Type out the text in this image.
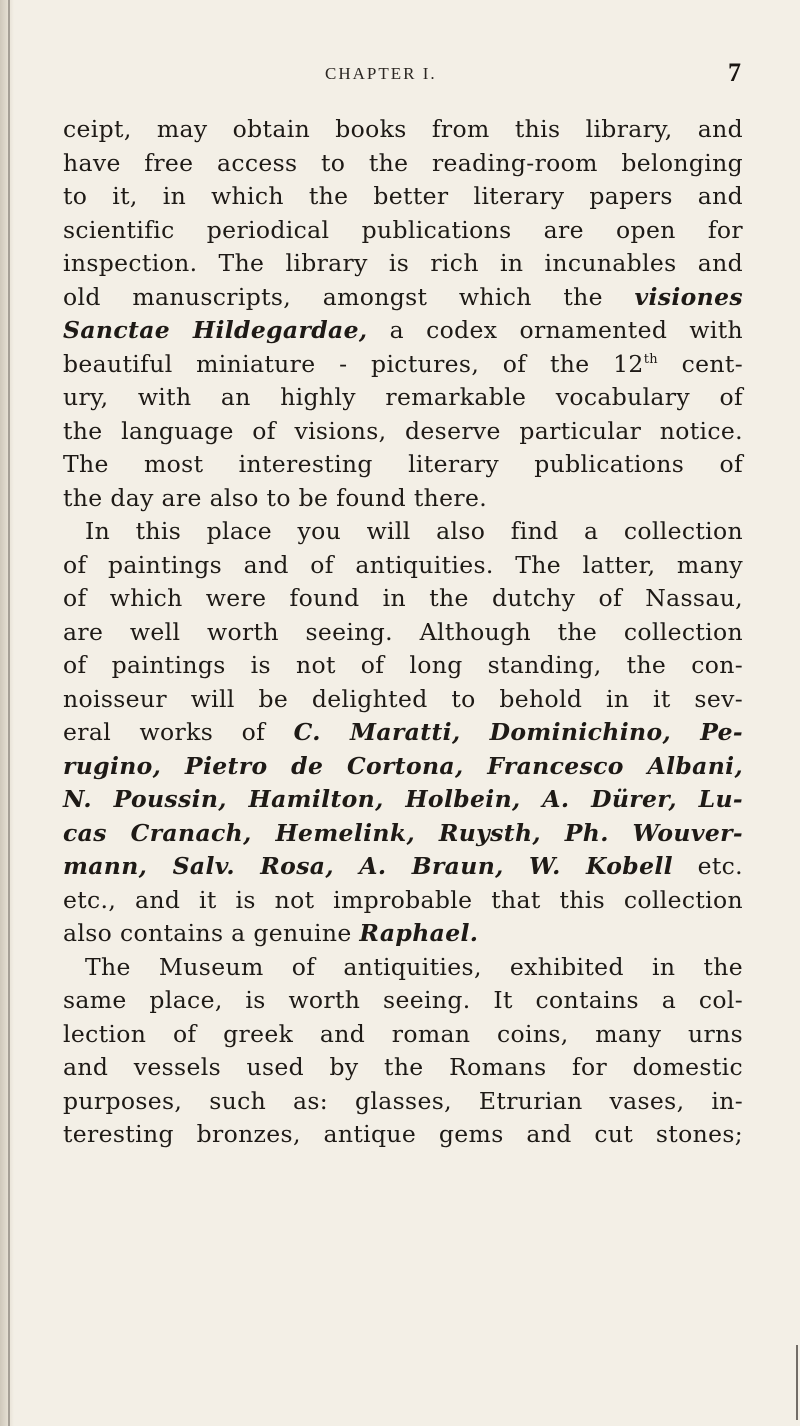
CHAPTER I.	7
ceipt, may obtain books from this library, and
have free access to the reading-room belonging
to it, in which the better literary papers and
scientific periodical publications are open for
inspection. The library is rich in incunables and
old manuscripts, amongst which the visiones
Sanctae Hildegardae, a codex ornamented with
beautiful miniature - pictures, of the 12th cent-
ury, with an highly remarkable vocabulary of
the language of visions, deserve particular notice.
The most interesting literary publications of
the day are also to be found there.
In this place you will also find a collection
of paintings and of antiquities. The latter, many
of which were found in the dutchy of Nassau,
are well worth seeing. Although the collection
of paintings is not of long standing, the con-
noisseur will be delighted to behold in it sev-
eral works of C. Maratti, Dominichino, Pe-
rugino, Pietro de Cortona, Francesco Albani,
N. Poussin, Hamilton, Holbein, A. Dürer, Lu-
cas Cranach, Hemelink, Ruysth, Ph. Wouver-
mann, Salv. Rosa, A. Braun, W. Kobell etc.
etc., and it is not improbable that this collection
also contains a genuine Raphael.
The Museum of antiquities, exhibited in the
same place, is worth seeing. It contains a col-
lection of greek and roman coins, many urns
and vessels used by the Romans for domestic
purposes, such as: glasses, Etrurian vases, in-
teresting bronzes, antique gems and cut stones;
